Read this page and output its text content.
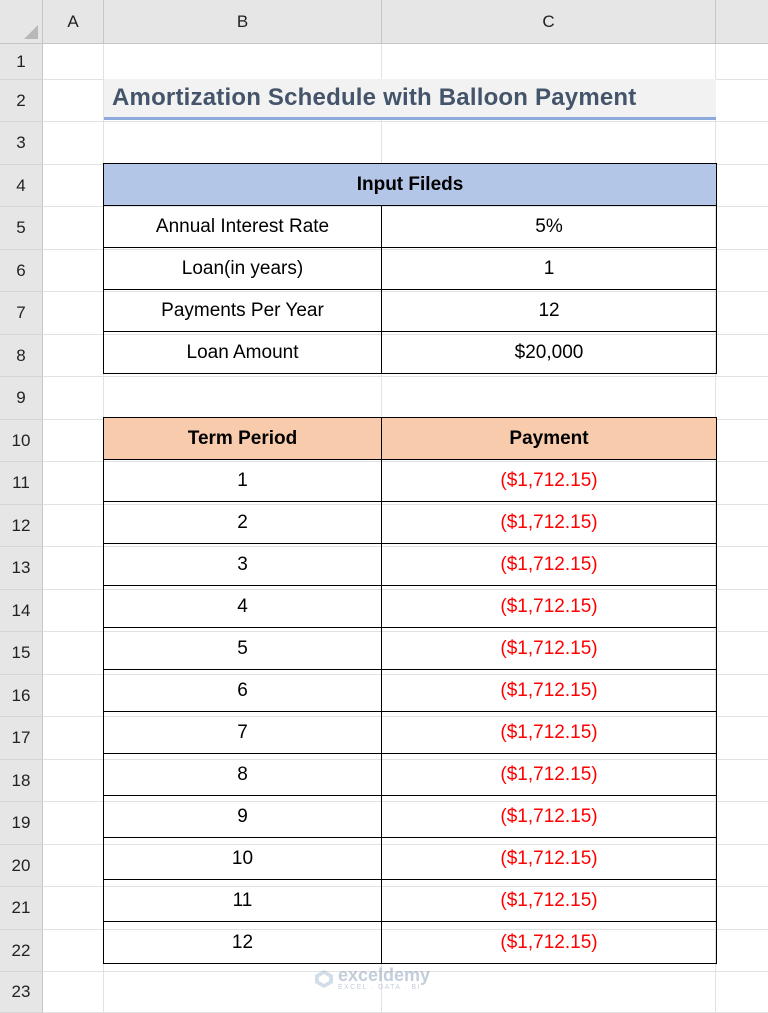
A	B	C
1
2
3
4
5
6
7
8
9
10
11
12
13
14
15
16
17
18
19
20
21
22
23
Amortization Schedule with Balloon Payment
Input Fileds	
Annual Interest Rate	5%
Loan(in years)	1
Payments Per Year	12
Loan Amount	$20,000
Term Period	Payment
1	($1,712.15)
2	($1,712.15)
3	($1,712.15)
4	($1,712.15)
5	($1,712.15)
6	($1,712.15)
7	($1,712.15)
8	($1,712.15)
9	($1,712.15)
10	($1,712.15)
11	($1,712.15)
12	($1,712.15)
exceldemy
EXCEL · DATA · BI
